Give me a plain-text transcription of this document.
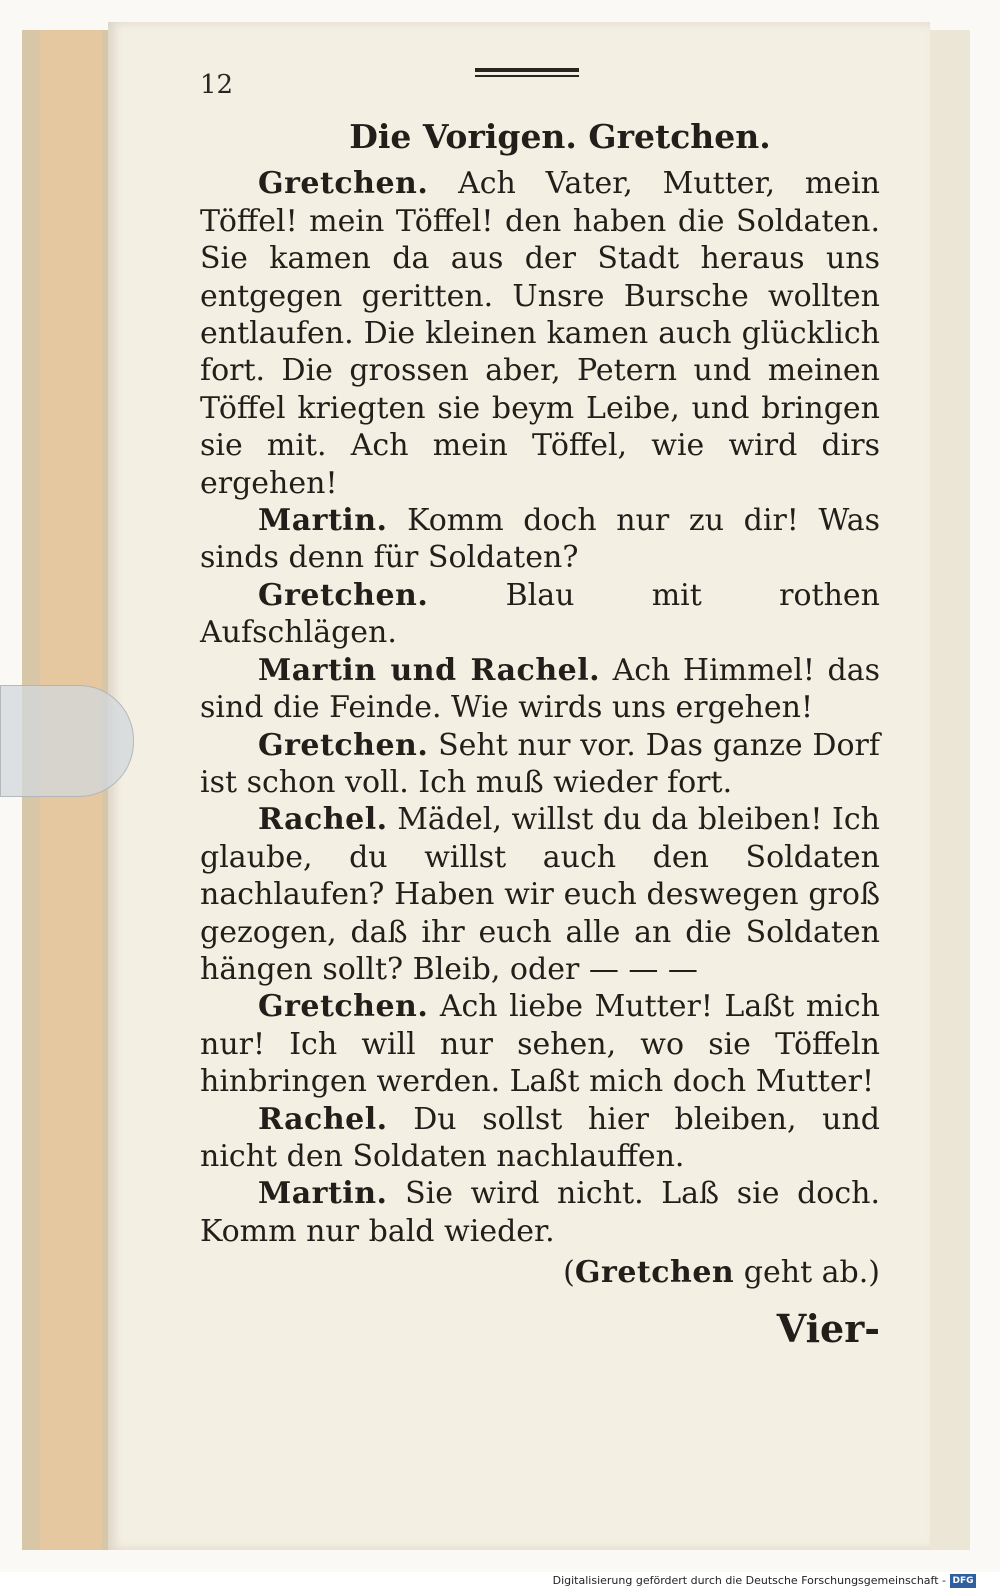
12
Die Vorigen. Gretchen.

Gretchen. Ach Vater, Mutter, mein Töffel! mein Töffel! den haben die Soldaten. Sie kamen da aus der Stadt heraus uns entgegen geritten. Unsre Bursche wollten entlaufen. Die kleinen kamen auch glücklich fort. Die grossen aber, Petern und meinen Töffel kriegten sie beym Leibe, und bringen sie mit. Ach mein Töffel, wie wird dirs ergehen!

Martin. Komm doch nur zu dir! Was sinds denn für Soldaten?

Gretchen.	Blau mit rothen Aufschlägen.

Martin und Rachel. Ach Himmel! das sind die Feinde. Wie wirds uns ergehen!

Gretchen. Seht nur vor. Das ganze Dorf ist schon voll. Ich muß wieder fort.

Rachel. Mädel, willst du da bleiben! Ich glaube, du willst auch den Soldaten nachlaufen? Haben wir euch deswegen groß gezogen, daß ihr euch alle an die Soldaten hängen sollt? Bleib, oder — — —

Gretchen. Ach liebe Mutter! Laßt mich nur! Ich will nur sehen, wo sie Töffeln hinbringen werden. Laßt mich doch Mutter!

Rachel. Du sollst hier bleiben, und nicht den Soldaten nachlauffen.

Martin. Sie wird nicht. Laß sie doch. Komm nur bald wieder.

(Gretchen geht ab.)

Vier-
Digitalisierung gefördert durch die Deutsche Forschungsgemeinschaft - DFG
